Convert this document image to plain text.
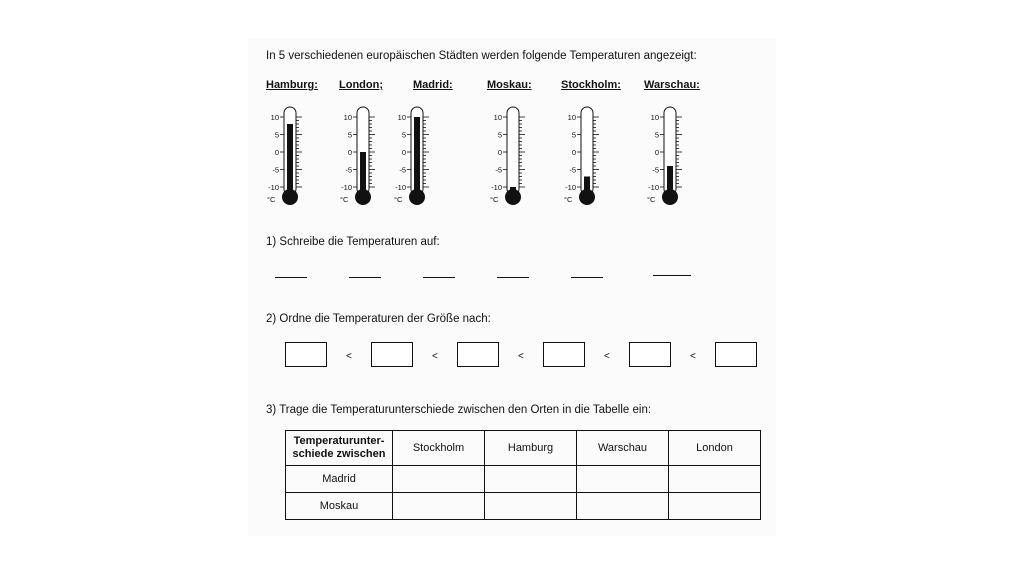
In 5 verschiedenen europäischen Städten werden folgende Temperaturen angezeigt:
Hamburg: London;	Madrid:	Moskau:	Stockholm: Warschau:
10
5
0
-5
-10
°C
10
5
0
-5
-10
°C
10
5
0
-5
-10
°C
10
5
0
-5
-10
°C
10
5
0
-5
-10
°C
10
5
0
-5
-10
°C
1) Schreibe die Temperaturen auf:
2) Ordne die Temperaturen der Größe nach:
<	<	<	<	<
3) Trage die Temperaturunterschiede zwischen den Orten in die Tabelle ein:
Temperaturunter-
schiede zwischen	Stockholm	Hamburg	Warschau	London
Madrid				
Moskau				
